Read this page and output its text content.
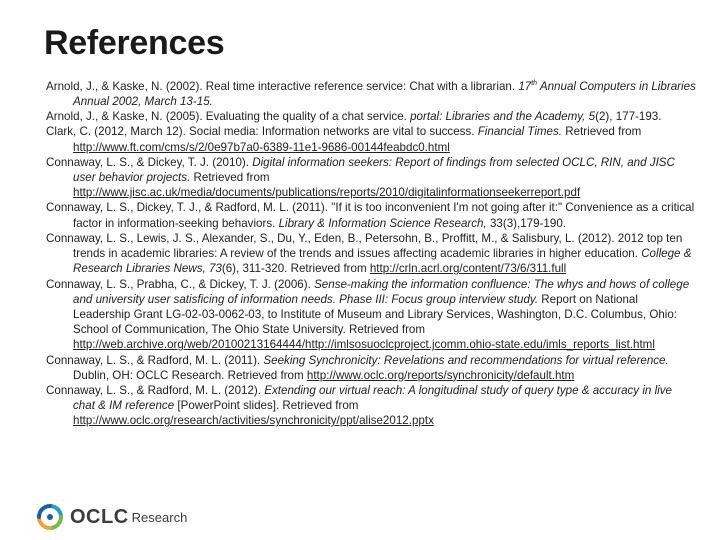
References

Arnold, J., & Kaske, N. (2002). Real time interactive reference service: Chat with a librarian. 17th Annual Computers in Libraries Annual 2002, March 13-15.

Arnold, J., & Kaske, N. (2005). Evaluating the quality of a chat service. portal: Libraries and the Academy, 5(2), 177-193.

Clark, C. (2012, March 12). Social media: Information networks are vital to success. Financial Times. Retrieved from http://www.ft.com/cms/s/2/0e97b7a0-6389-11e1-9686-00144feabdc0.html

Connaway, L. S., & Dickey, T. J. (2010). Digital information seekers: Report of findings from selected OCLC, RIN, and JISC user behavior projects. Retrieved from http://www.jisc.ac.uk/media/documents/publications/reports/2010/digitalinformationseekerreport.pdf

Connaway, L. S., Dickey, T. J., & Radford, M. L. (2011). "If it is too inconvenient I'm not going after it:" Convenience as a critical factor in information-seeking behaviors. Library & Information Science Research, 33(3),179-190.

Connaway, L. S., Lewis, J. S., Alexander, S., Du, Y., Eden, B., Petersohn, B., Proffitt, M., & Salisbury, L. (2012). 2012 top ten trends in academic libraries: A review of the trends and issues affecting academic libraries in higher education. College & Research Libraries News, 73(6), 311-320. Retrieved from http://crln.acrl.org/content/73/6/311.full

Connaway, L. S., Prabha, C., & Dickey, T. J. (2006). Sense-making the information confluence: The whys and hows of college and university user satisficing of information needs. Phase III: Focus group interview study. Report on National Leadership Grant LG-02-03-0062-03, to Institute of Museum and Library Services, Washington, D.C. Columbus, Ohio: School of Communication, The Ohio State University. Retrieved from http://web.archive.org/web/20100213164444/http://imlsosuoclcproject.jcomm.ohio-state.edu/imls_reports_list.html

Connaway, L. S., & Radford, M. L. (2011). Seeking Synchronicity: Revelations and recommendations for virtual reference. Dublin, OH: OCLC Research. Retrieved from http://www.oclc.org/reports/synchronicity/default.htm

Connaway, L. S., & Radford, M. L. (2012). Extending our virtual reach: A longitudinal study of query type & accuracy in live chat & IM reference [PowerPoint slides]. Retrieved from http://www.oclc.org/research/activities/synchronicity/ppt/alise2012.pptx

OCLC Research
